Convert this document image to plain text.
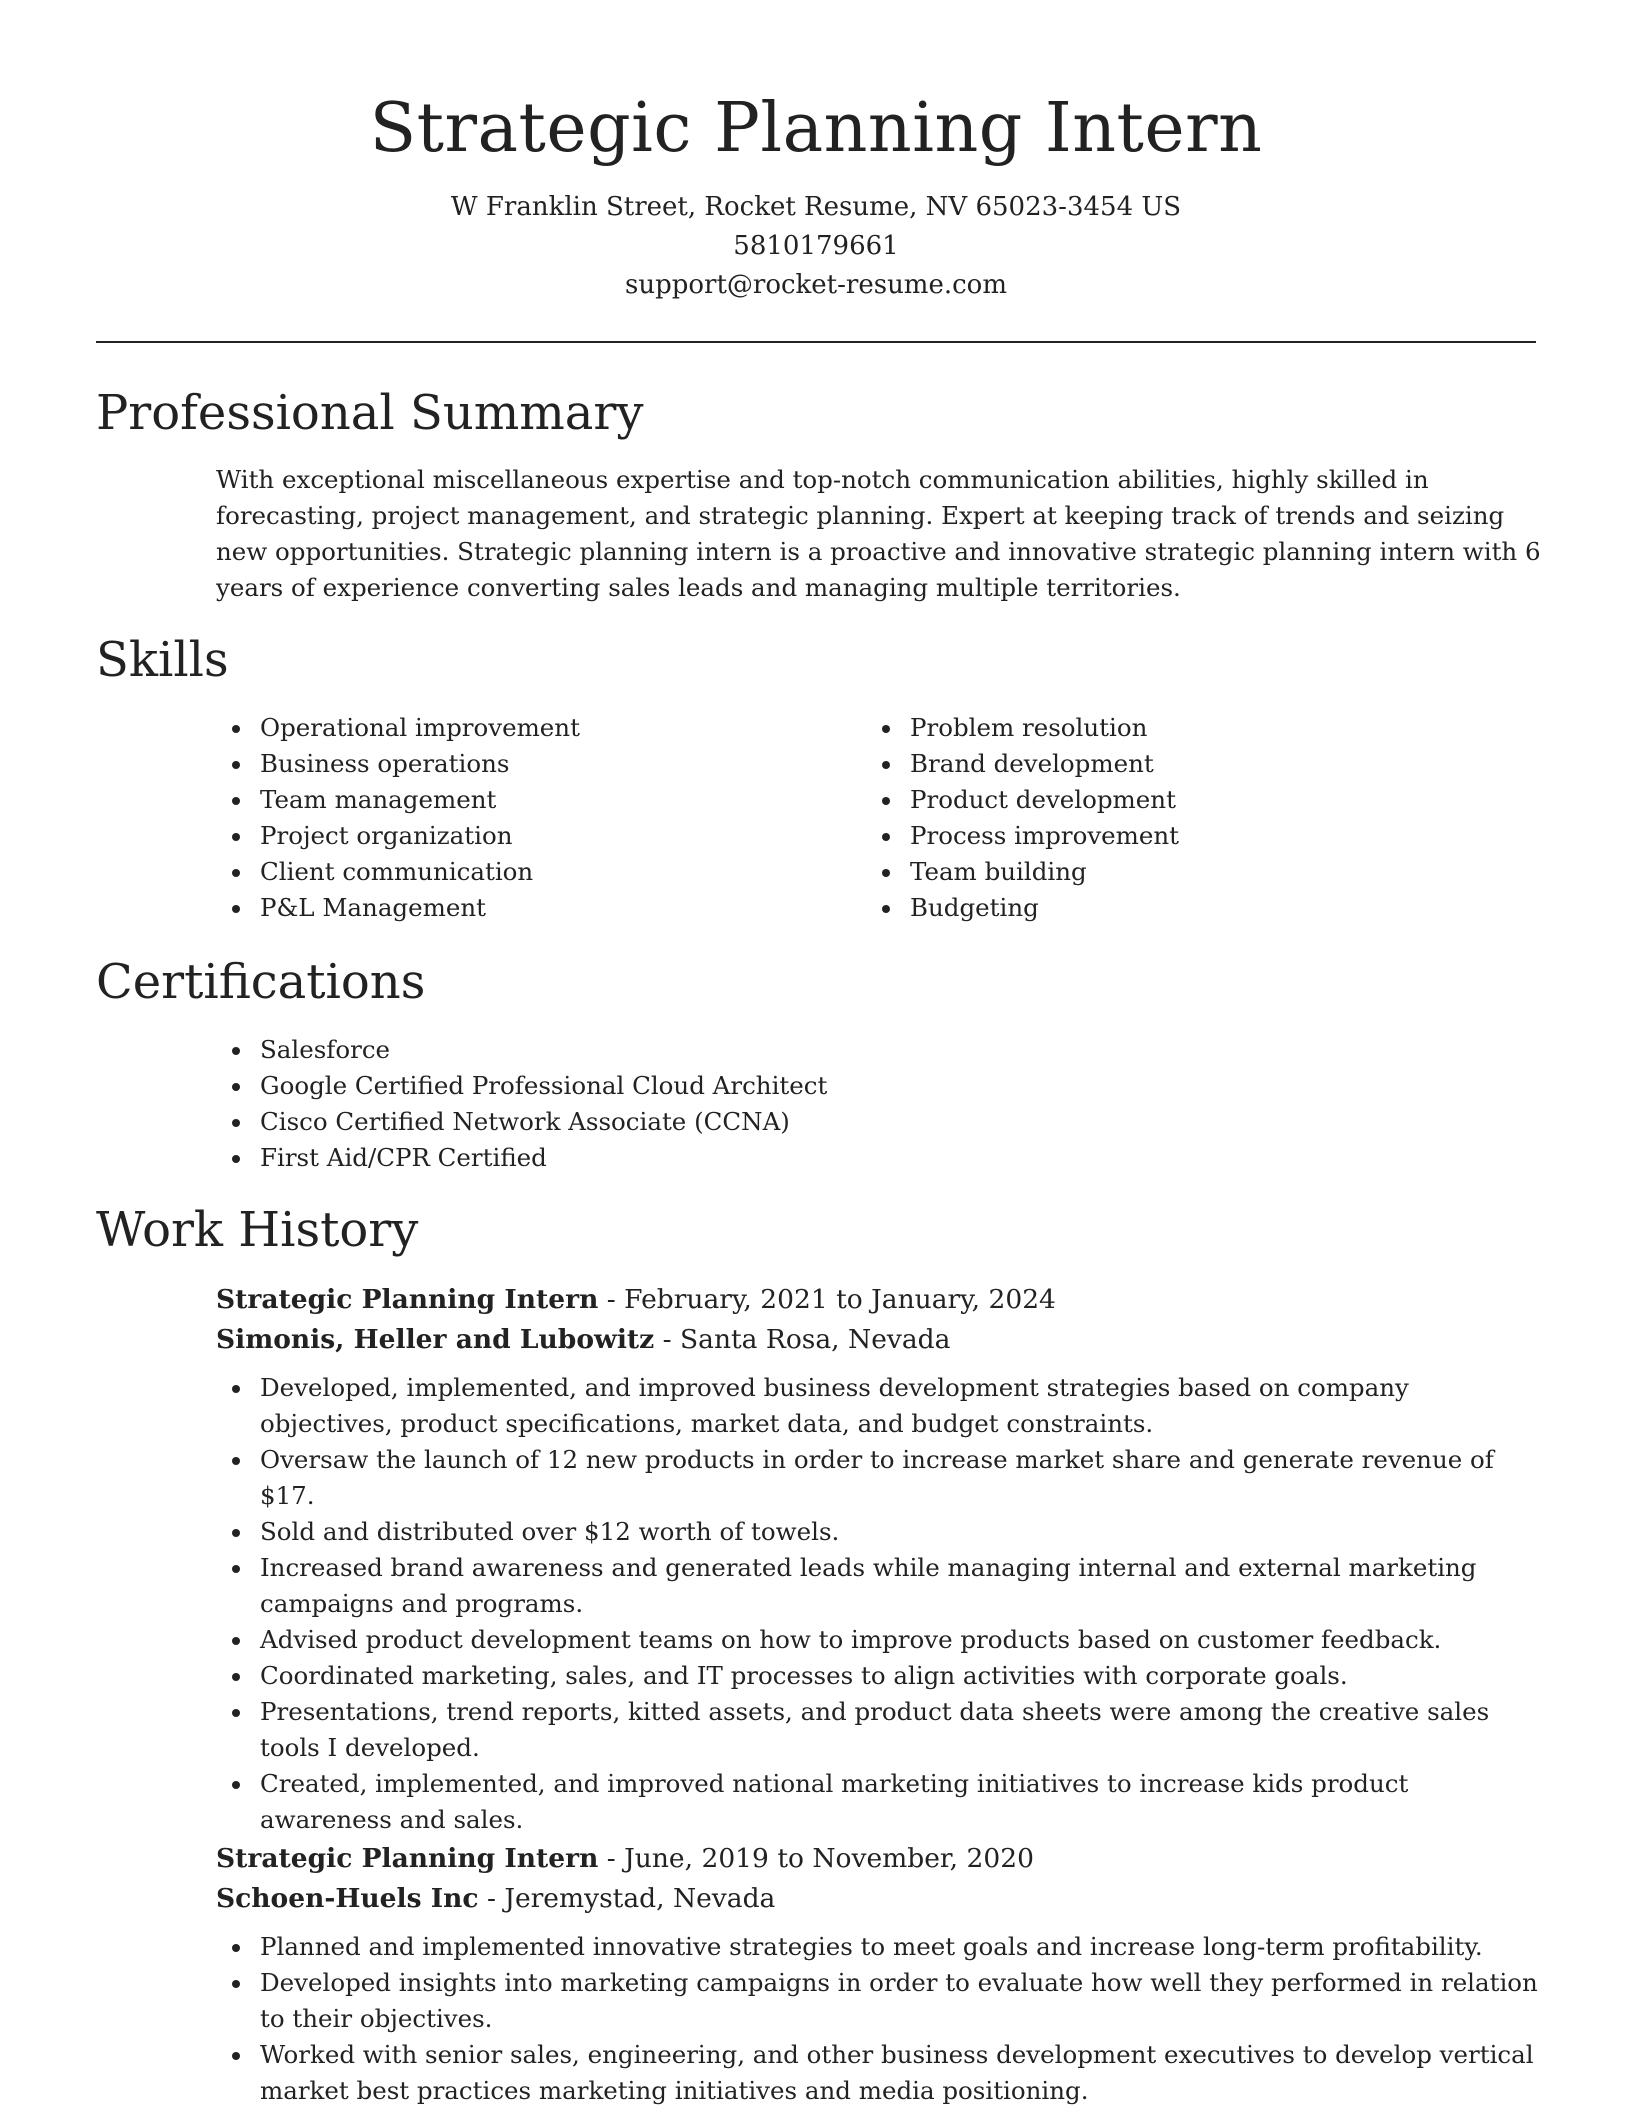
Strategic Planning Intern
W Franklin Street, Rocket Resume, NV 65023-3454 US
5810179661
support@rocket-resume.com
Professional Summary
With exceptional miscellaneous expertise and top-notch communication abilities, highly skilled in forecasting, project management, and strategic planning. Expert at keeping track of trends and seizing new opportunities. Strategic planning intern is a proactive and innovative strategic planning intern with 6 years of experience converting sales leads and managing multiple territories.
Skills
Operational improvement
Business operations
Team management
Project organization
Client communication
P&L Management
Problem resolution
Brand development
Product development
Process improvement
Team building
Budgeting
Certifications
Salesforce
Google Certified Professional Cloud Architect
Cisco Certified Network Associate (CCNA)
First Aid/CPR Certified
Work History
Strategic Planning Intern - February, 2021 to January, 2024
Simonis, Heller and Lubowitz - Santa Rosa, Nevada
Developed, implemented, and improved business development strategies based on company objectives, product specifications, market data, and budget constraints.
Oversaw the launch of 12 new products in order to increase market share and generate revenue of $17.
Sold and distributed over $12 worth of towels.
Increased brand awareness and generated leads while managing internal and external marketing campaigns and programs.
Advised product development teams on how to improve products based on customer feedback.
Coordinated marketing, sales, and IT processes to align activities with corporate goals.
Presentations, trend reports, kitted assets, and product data sheets were among the creative sales tools I developed.
Created, implemented, and improved national marketing initiatives to increase kids product awareness and sales.
Strategic Planning Intern - June, 2019 to November, 2020
Schoen-Huels Inc - Jeremystad, Nevada
Planned and implemented innovative strategies to meet goals and increase long-term profitability.
Developed insights into marketing campaigns in order to evaluate how well they performed in relation to their objectives.
Worked with senior sales, engineering, and other business development executives to develop vertical market best practices marketing initiatives and media positioning.
